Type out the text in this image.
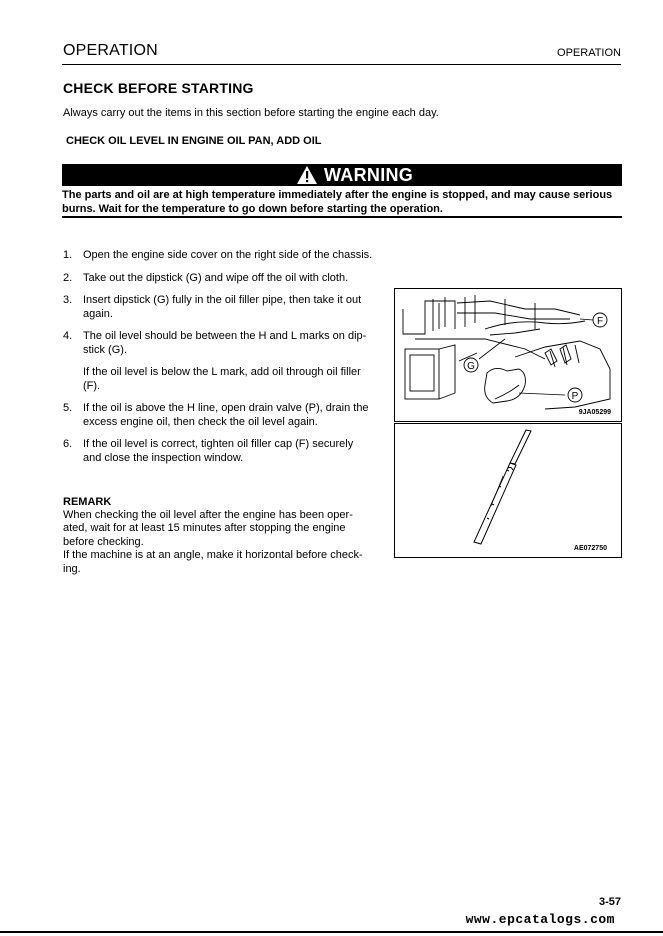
OPERATION	OPERATION
CHECK BEFORE STARTING
Always carry out the items in this section before starting the engine each day.
CHECK OIL LEVEL IN ENGINE OIL PAN, ADD OIL
WARNING
The parts and oil are at high temperature immediately after the engine is stopped, and may cause serious burns. Wait for the temperature to go down before starting the operation.
1. Open the engine side cover on the right side of the chassis.
2. Take out the dipstick (G) and wipe off the oil with cloth.
3. Insert dipstick (G) fully in the oil filler pipe, then take it out again.
4. The oil level should be between the H and L marks on dip-stick (G).
If the oil level is below the L mark, add oil through oil filler (F).
5. If the oil is above the H line, open drain valve (P), drain the excess engine oil, then check the oil level again.
6. If the oil level is correct, tighten oil filler cap (F) securely and close the inspection window.
REMARK
When checking the oil level after the engine has been oper-
ated, wait for at least 15 minutes after stopping the engine
before checking.
If the machine is at an angle, make it horizontal before check-
ing.
F
G
P
9JA05299
AE072750
3-57
www.epcatalogs.com
